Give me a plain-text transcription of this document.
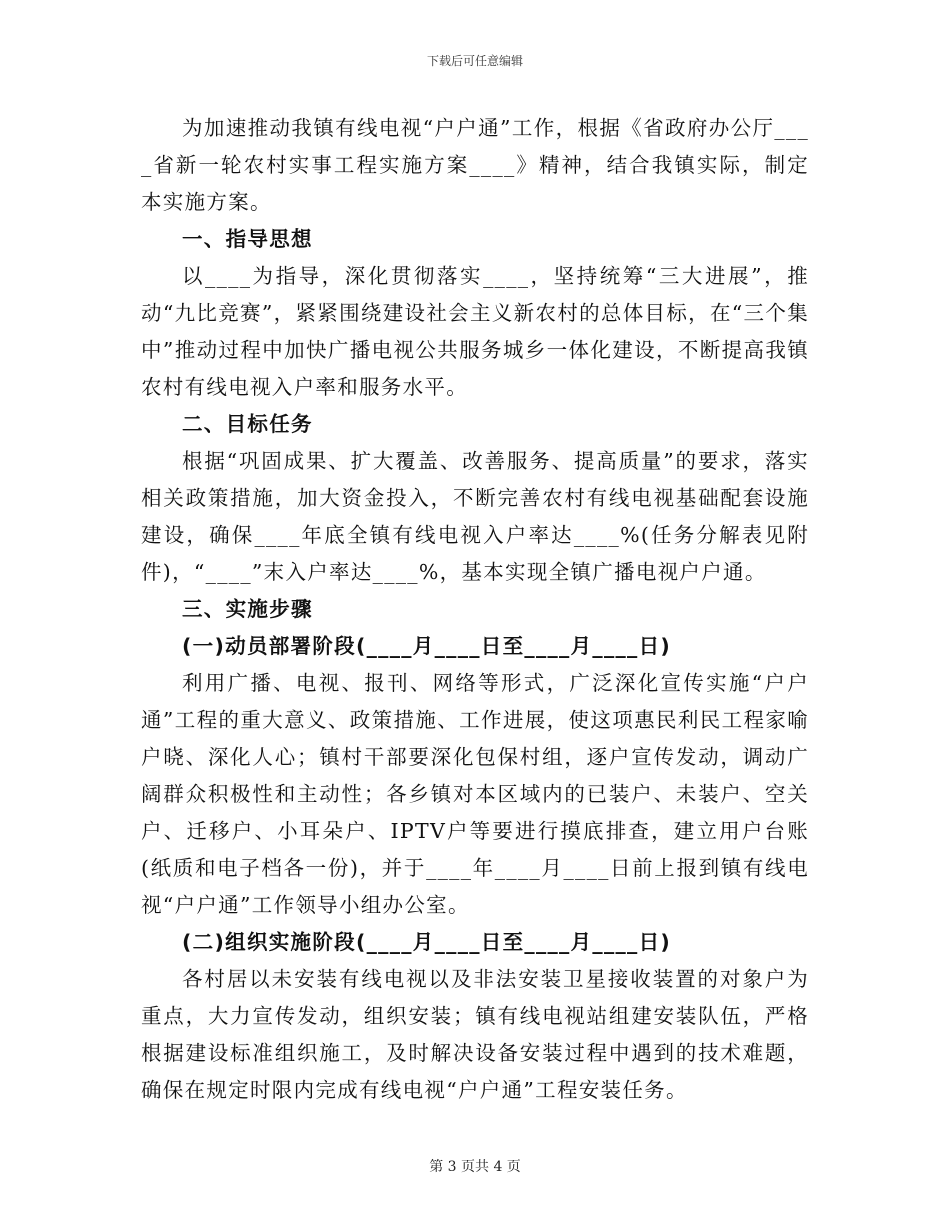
下载后可任意编辑

为加速推动我镇有线电视“户户通”工作，根据《省政府办公厅____省新一轮农村实事工程实施方案____》精神，结合我镇实际，制定本实施方案。

一、指导思想

以____为指导，深化贯彻落实____，坚持统筹“三大进展”，推动“九比竞赛”，紧紧围绕建设社会主义新农村的总体目标，在“三个集中”推动过程中加快广播电视公共服务城乡一体化建设，不断提高我镇农村有线电视入户率和服务水平。

二、目标任务

根据“巩固成果、扩大覆盖、改善服务、提高质量”的要求，落实相关政策措施，加大资金投入，不断完善农村有线电视基础配套设施建设，确保____年底全镇有线电视入户率达____%(任务分解表见附件)，“____”末入户率达____%，基本实现全镇广播电视户户通。

三、实施步骤

(一)动员部署阶段(____月____日至____月____日)

利用广播、电视、报刊、网络等形式，广泛深化宣传实施“户户通”工程的重大意义、政策措施、工作进展，使这项惠民利民工程家喻户晓、深化人心；镇村干部要深化包保村组，逐户宣传发动，调动广阔群众积极性和主动性；各乡镇对本区域内的已装户、未装户、空关户、迁移户、小耳朵户、IPTV户等要进行摸底排查，建立用户台账(纸质和电子档各一份)，并于____年____月____日前上报到镇有线电视“户户通”工作领导小组办公室。

(二)组织实施阶段(____月____日至____月____日)

各村居以未安装有线电视以及非法安装卫星接收装置的对象户为重点，大力宣传发动，组织安装；镇有线电视站组建安装队伍，严格根据建设标准组织施工，及时解决设备安装过程中遇到的技术难题，确保在规定时限内完成有线电视“户户通”工程安装任务。

第 3 页共 4 页
